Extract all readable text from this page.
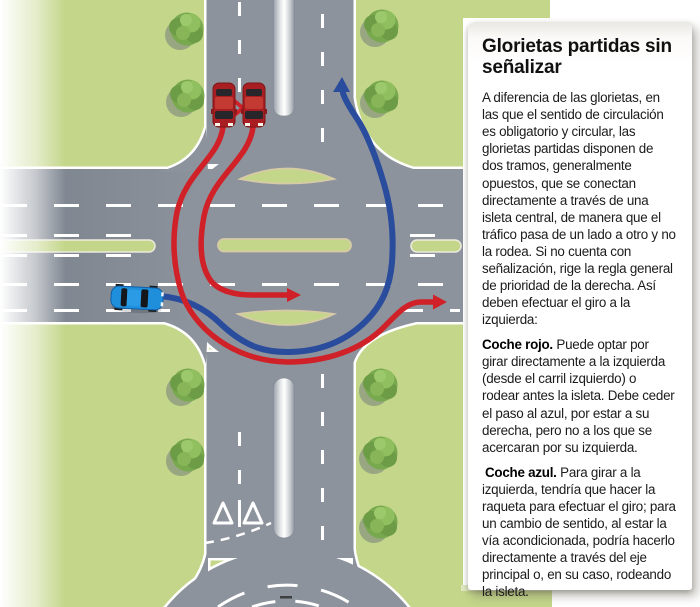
Glorietas partidas sin señalizar

A diferencia de las glorietas, en las que el sentido de circulación es obligatorio y circular, las glorietas partidas disponen de dos tramos, generalmente opuestos, que se conectan directamente a través de una isleta central, de manera que el tráfico pasa de un lado a otro y no la rodea. Si no cuenta con señalización, rige la regla general de prioridad de la derecha. Así deben efectuar el giro a la izquierda:

Coche rojo. Puede optar por girar directamente a la izquierda (desde el carril izquierdo) o rodear antes la isleta. Debe ceder el paso al azul, por estar a su derecha, pero no a los que se acercaran por su izquierda.

Coche azul. Para girar a la izquierda, tendría que hacer la raqueta para efectuar el giro; para un cambio de sentido, al estar la vía acondicionada, podría hacerlo directamente a través del eje principal o, en su caso, rodeando la isleta.
